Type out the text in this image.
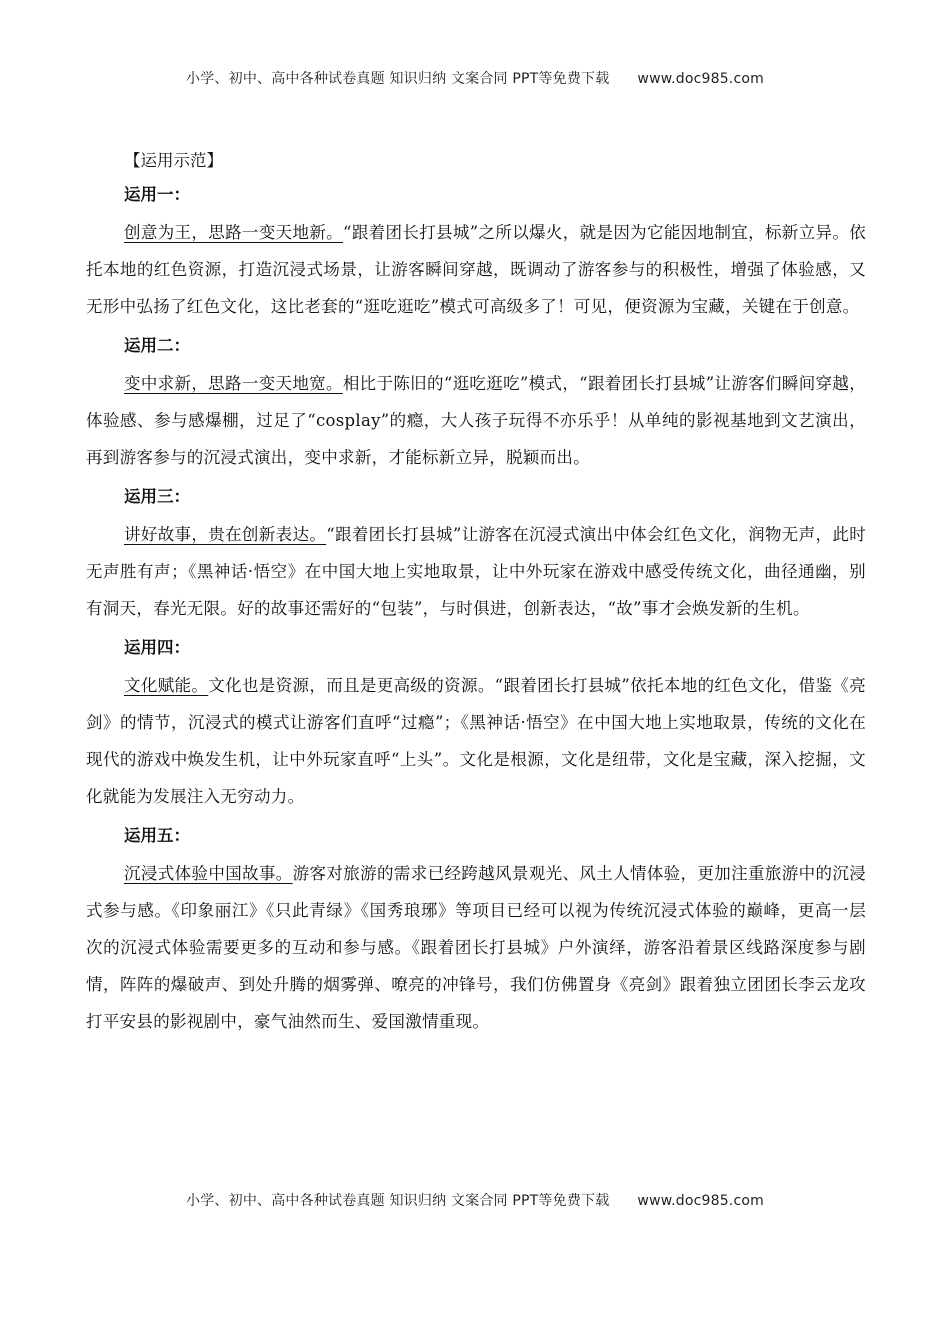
小学、初中、高中各种试卷真题 知识归纳 文案合同 PPT等免费下载 www.doc985.com
【运用示范】
运用一：

创意为王，思路一变天地新。“跟着团长打县城”之所以爆火，就是因为它能因地制宜，标新立异。依托本地的红色资源，打造沉浸式场景，让游客瞬间穿越，既调动了游客参与的积极性，增强了体验感，又无形中弘扬了红色文化，这比老套的“逛吃逛吃”模式可高级多了！可见，便资源为宝藏，关键在于创意。

运用二：

变中求新，思路一变天地宽。相比于陈旧的“逛吃逛吃”模式，“跟着团长打县城”让游客们瞬间穿越，体验感、参与感爆棚，过足了“cosplay”的瘾，大人孩子玩得不亦乐乎！从单纯的影视基地到文艺演出，再到游客参与的沉浸式演出，变中求新，才能标新立异，脱颖而出。

运用三：

讲好故事，贵在创新表达。“跟着团长打县城”让游客在沉浸式演出中体会红色文化，润物无声，此时无声胜有声；《黑神话·悟空》在中国大地上实地取景，让中外玩家在游戏中感受传统文化，曲径通幽，别有洞天，春光无限。好的故事还需好的“包装”，与时俱进，创新表达，“故”事才会焕发新的生机。

运用四：

文化赋能。文化也是资源，而且是更高级的资源。“跟着团长打县城”依托本地的红色文化，借鉴《亮剑》的情节，沉浸式的模式让游客们直呼“过瘾”；《黑神话·悟空》在中国大地上实地取景，传统的文化在现代的游戏中焕发生机，让中外玩家直呼“上头”。文化是根源，文化是纽带，文化是宝藏，深入挖掘，文化就能为发展注入无穷动力。

运用五：

沉浸式体验中国故事。游客对旅游的需求已经跨越风景观光、风土人情体验，更加注重旅游中的沉浸式参与感。《印象丽江》《只此青绿》《国秀琅琊》等项目已经可以视为传统沉浸式体验的巅峰，更高一层次的沉浸式体验需要更多的互动和参与感。《跟着团长打县城》户外演绎，游客沿着景区线路深度参与剧情，阵阵的爆破声、到处升腾的烟雾弹、嘹亮的冲锋号，我们仿佛置身《亮剑》跟着独立团团长李云龙攻打平安县的影视剧中，豪气油然而生、爱国激情重现。

小学、初中、高中各种试卷真题 知识归纳 文案合同 PPT等免费下载 www.doc985.com
